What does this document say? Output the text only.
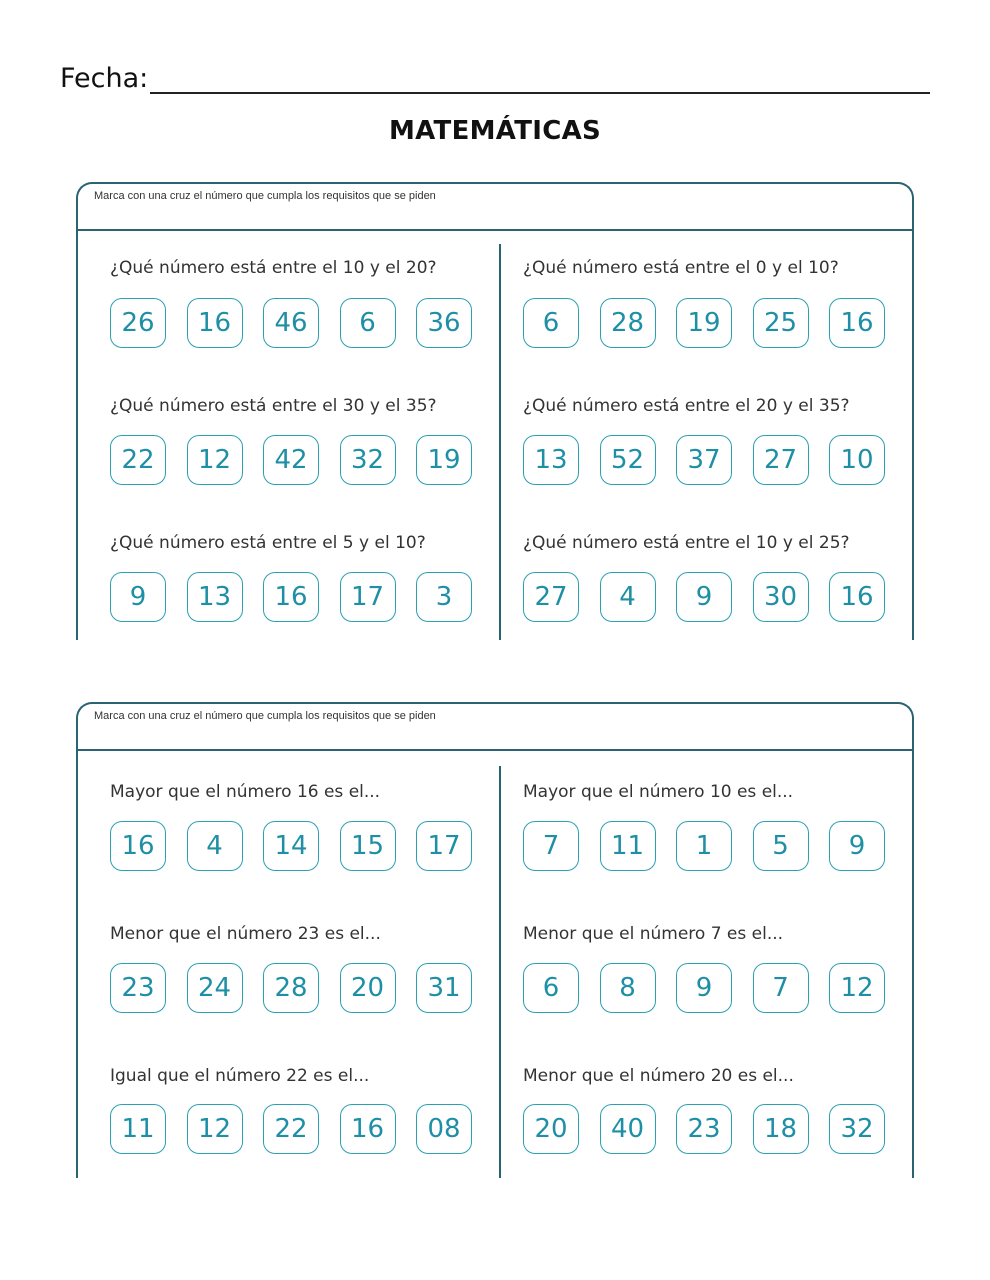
Fecha:
MATEMÁTICAS
Marca con una cruz el número que cumpla los requisitos que se piden
¿Qué número está entre el 10 y el 20?
26	16	46	6	36
¿Qué número está entre el 30 y el 35?
22	12	42	32	19
¿Qué número está entre el 5 y el 10?
9	13	16	17	3
¿Qué número está entre el 0 y el 10?
6	28	19	25	16
¿Qué número está entre el 20 y el 35?
13	52	37	27	10
¿Qué número está entre el 10 y el 25?
27	4	9	30	16
Marca con una cruz el número que cumpla los requisitos que se piden
Mayor que el número 16 es el...
16	4	14	15	17
Menor que el número 23 es el...
23	24	28	20	31
Igual que el número 22 es el...
11	12	22	16	08
Mayor que el número 10 es el...
7	11	1	5	9
Menor que el número 7 es el...
6	8	9	7	12
Menor que el número 20 es el...
20	40	23	18	32
